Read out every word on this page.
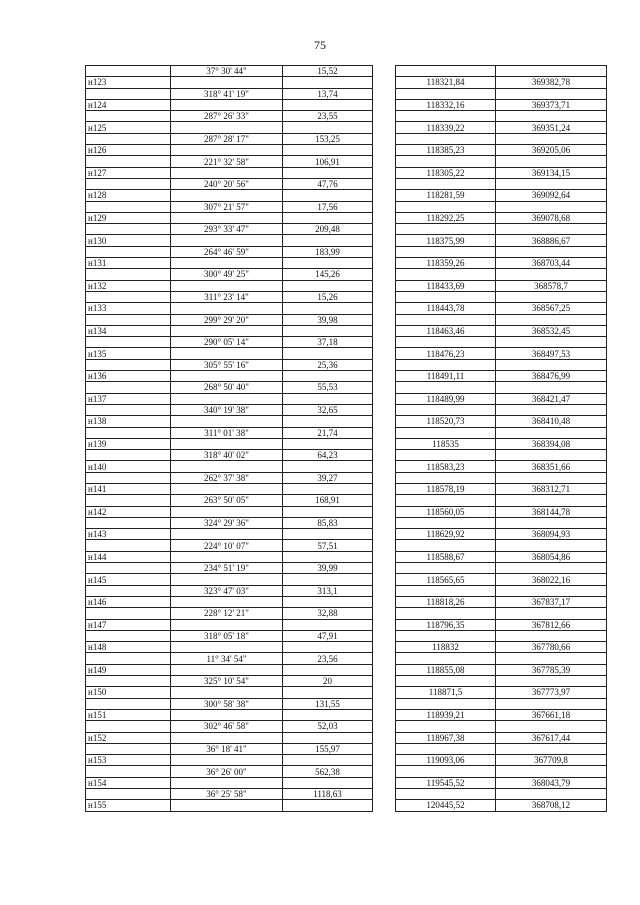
75
	37° 30' 44"	15,52			
н123				118321,84	369382,78
	318° 41' 19"	13,74			
н124				118332,16	369373,71
	287° 26' 33"	23,55			
н125				118339,22	369351,24
	287° 28' 17"	153,25			
н126				118385,23	369205,06
	221° 32' 58"	106,91			
н127				118305,22	369134,15
	240° 20' 56"	47,76			
н128				118281,59	369092,64
	307° 21' 57"	17,56			
н129				118292,25	369078,68
	293° 33' 47"	209,48			
н130				118375,99	368886,67
	264° 46' 59"	183,99			
н131				118359,26	368703,44
	300° 49' 25"	145,26			
н132				118433,69	368578,7
	311° 23' 14"	15,26			
н133				118443,78	368567,25
	299° 29' 20"	39,98			
н134				118463,46	368532,45
	290° 05' 14"	37,18			
н135				118476,23	368497,53
	305° 55' 16"	25,36			
н136				118491,11	368476,99
	268° 50' 40"	55,53			
н137				118489,99	368421,47
	340° 19' 38"	32,65			
н138				118520,73	368410,48
	311° 01' 38"	21,74			
н139				118535	368394,08
	318° 40' 02"	64,23			
н140				118583,23	368351,66
	262° 37' 38"	39,27			
н141				118578,19	368312,71
	263° 50' 05"	168,91			
н142				118560,05	368144,78
	324° 29' 36"	85,83			
н143				118629,92	368094,93
	224° 10' 07"	57,51			
н144				118588,67	368054,86
	234° 51' 19"	39,99			
н145				118565,65	368022,16
	323° 47' 03"	313,1			
н146				118818,26	367837,17
	228° 12' 21"	32,88			
н147				118796,35	367812,66
	318° 05' 18"	47,91			
н148				118832	367780,66
	11° 34' 54"	23,56			
н149				118855,08	367785,39
	325° 10' 54"	20			
н150				118871,5	367773,97
	300° 58' 38"	131,55			
н151				118939,21	367661,18
	302° 46' 58"	52,03			
н152				118967,38	367617,44
	36° 18' 41"	155,97			
н153				119093,06	367709,8
	36° 26' 00"	562,38			
н154				119545,52	368043,79
	36° 25' 58"	1118,63			
н155				120445,52	368708,12
